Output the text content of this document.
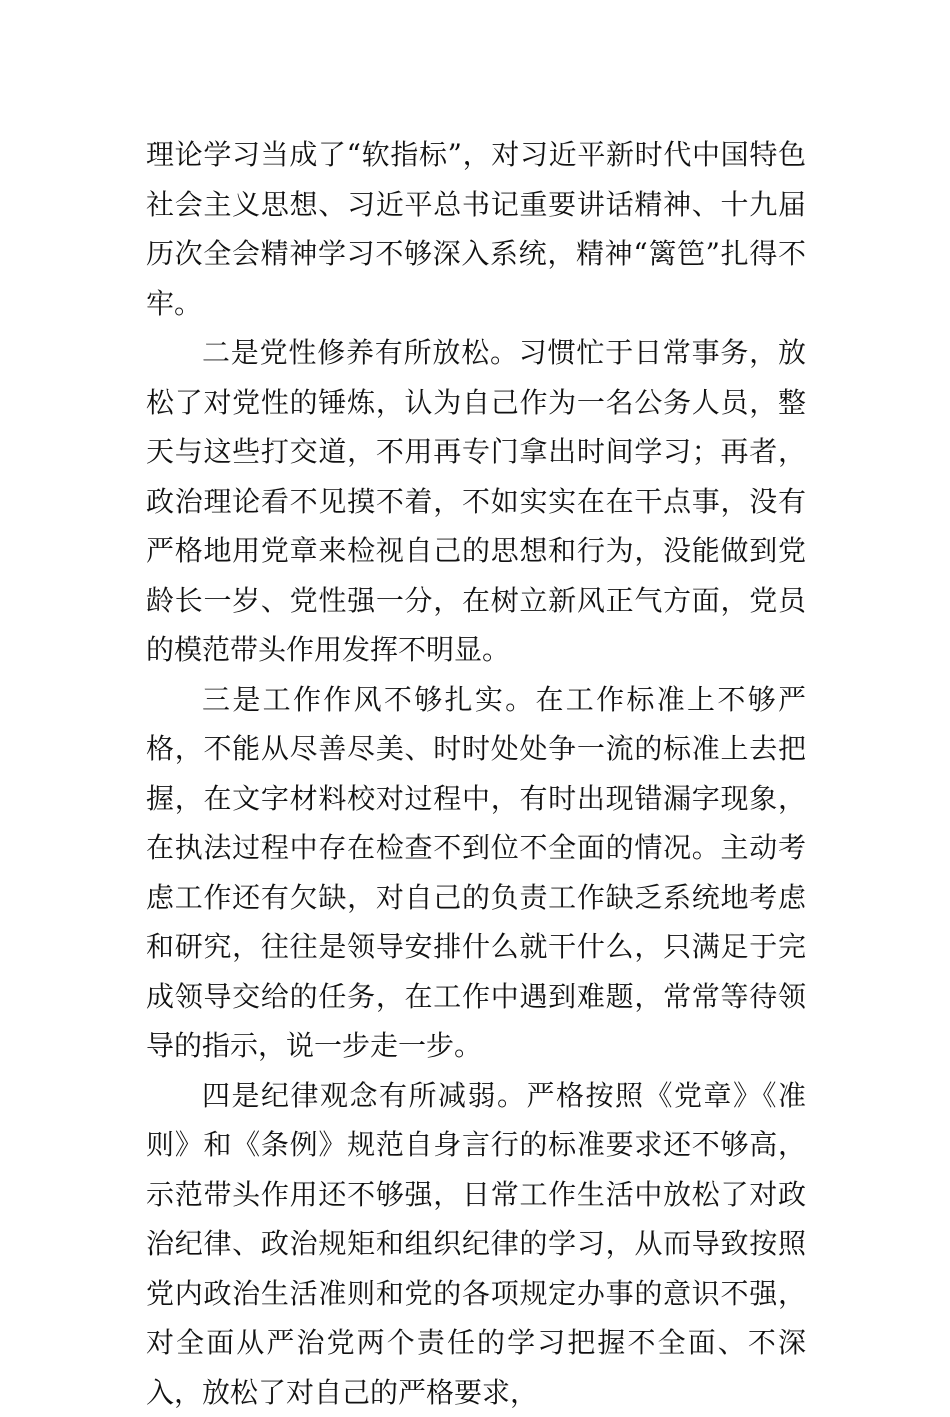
理论学习当成了“软指标”，对习近平新时代中国特色社会主义思想、习近平总书记重要讲话精神、十九届历次全会精神学习不够深入系统，精神“篱笆”扎得不牢。

二是党性修养有所放松。习惯忙于日常事务，放松了对党性的锤炼，认为自己作为一名公务人员，整天与这些打交道，不用再专门拿出时间学习；再者，政治理论看不见摸不着，不如实实在在干点事，没有严格地用党章来检视自己的思想和行为，没能做到党龄长一岁、党性强一分，在树立新风正气方面，党员的模范带头作用发挥不明显。

三是工作作风不够扎实。在工作标准上不够严格，不能从尽善尽美、时时处处争一流的标准上去把握，在文字材料校对过程中，有时出现错漏字现象，在执法过程中存在检查不到位不全面的情况。主动考虑工作还有欠缺，对自己的负责工作缺乏系统地考虑和研究，往往是领导安排什么就干什么，只满足于完成领导交给的任务，在工作中遇到难题，常常等待领导的指示，说一步走一步。

四是纪律观念有所减弱。严格按照《党章》《准则》和《条例》规范自身言行的标准要求还不够高，示范带头作用还不够强，日常工作生活中放松了对政治纪律、政治规矩和组织纪律的学习，从而导致按照党内政治生活准则和党的各项规定办事的意识不强，对全面从严治党两个责任的学习把握不全面、不深入，放松了对自己的严格要求，
